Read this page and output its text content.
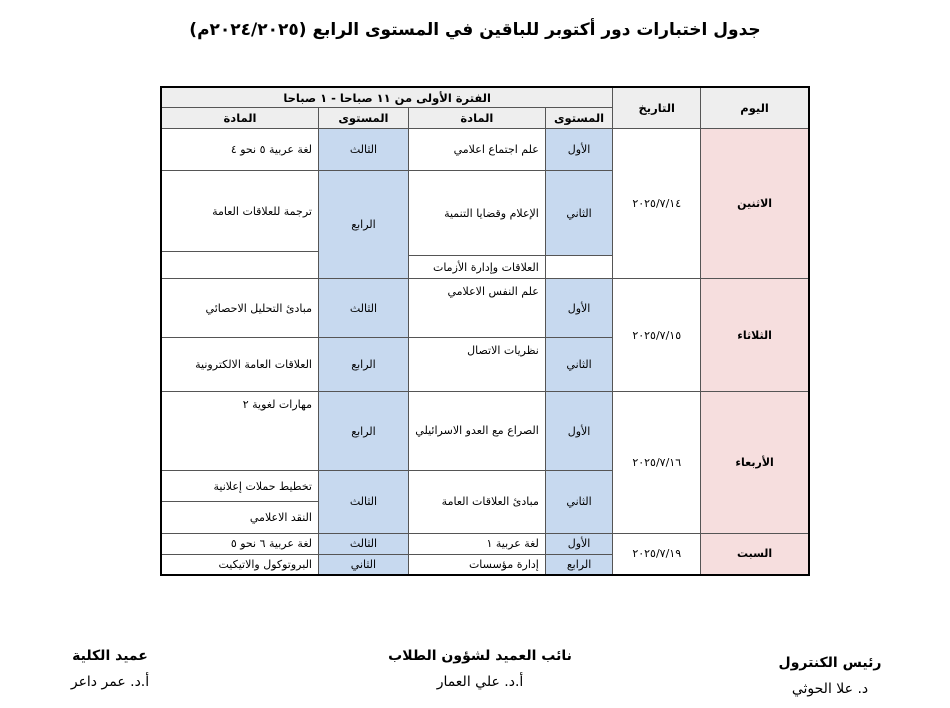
جدول اختبارات دور أكتوبر للباقين في المستوى الرابع (٢٠٢٤/٢٠٢٥م)
اليوم	التاريخ	الفترة الأولى من ١١ صباحا - ١ صباحا			
		المستوى	المادة	المستوى	المادة
الاثنين	٢٠٢٥/٧/١٤	الأول	علم اجتماع اعلامي	الثالث	لغة عربية ٥ نحو ٤
		الثاني	الإعلام وقضايا التنمية	الرابع	ترجمة للعلاقات العامة

			العلاقات وإدارة الأزمات		
الثلاثاء	٢٠٢٥/٧/١٥	الأول	علم النفس الاعلامي	الثالث	مبادئ التحليل الاحصائي
		الثاني	نظريات الاتصال	الرابع	العلاقات العامة الالكترونية
الأربعاء	٢٠٢٥/٧/١٦	الأول	الصراع مع العدو الاسرائيلي	الرابع	مهارات لغوية ٢
		الثاني	مبادئ العلاقات العامة	الثالث	تخطيط حملات إعلانية
					النقد الاعلامي
السبت	٢٠٢٥/٧/١٩	الأول	لغة عربية ١	الثالث	لغة عربية ٦ نحو ٥
		الرابع	إدارة مؤسسات	الثاني	البروتوكول والاتيكيت
رئيس الكنترول
د. علا الحوثي
نائب العميد لشؤون الطلاب
أ.د. علي العمار
عميد الكلية
أ.د. عمر داعر
